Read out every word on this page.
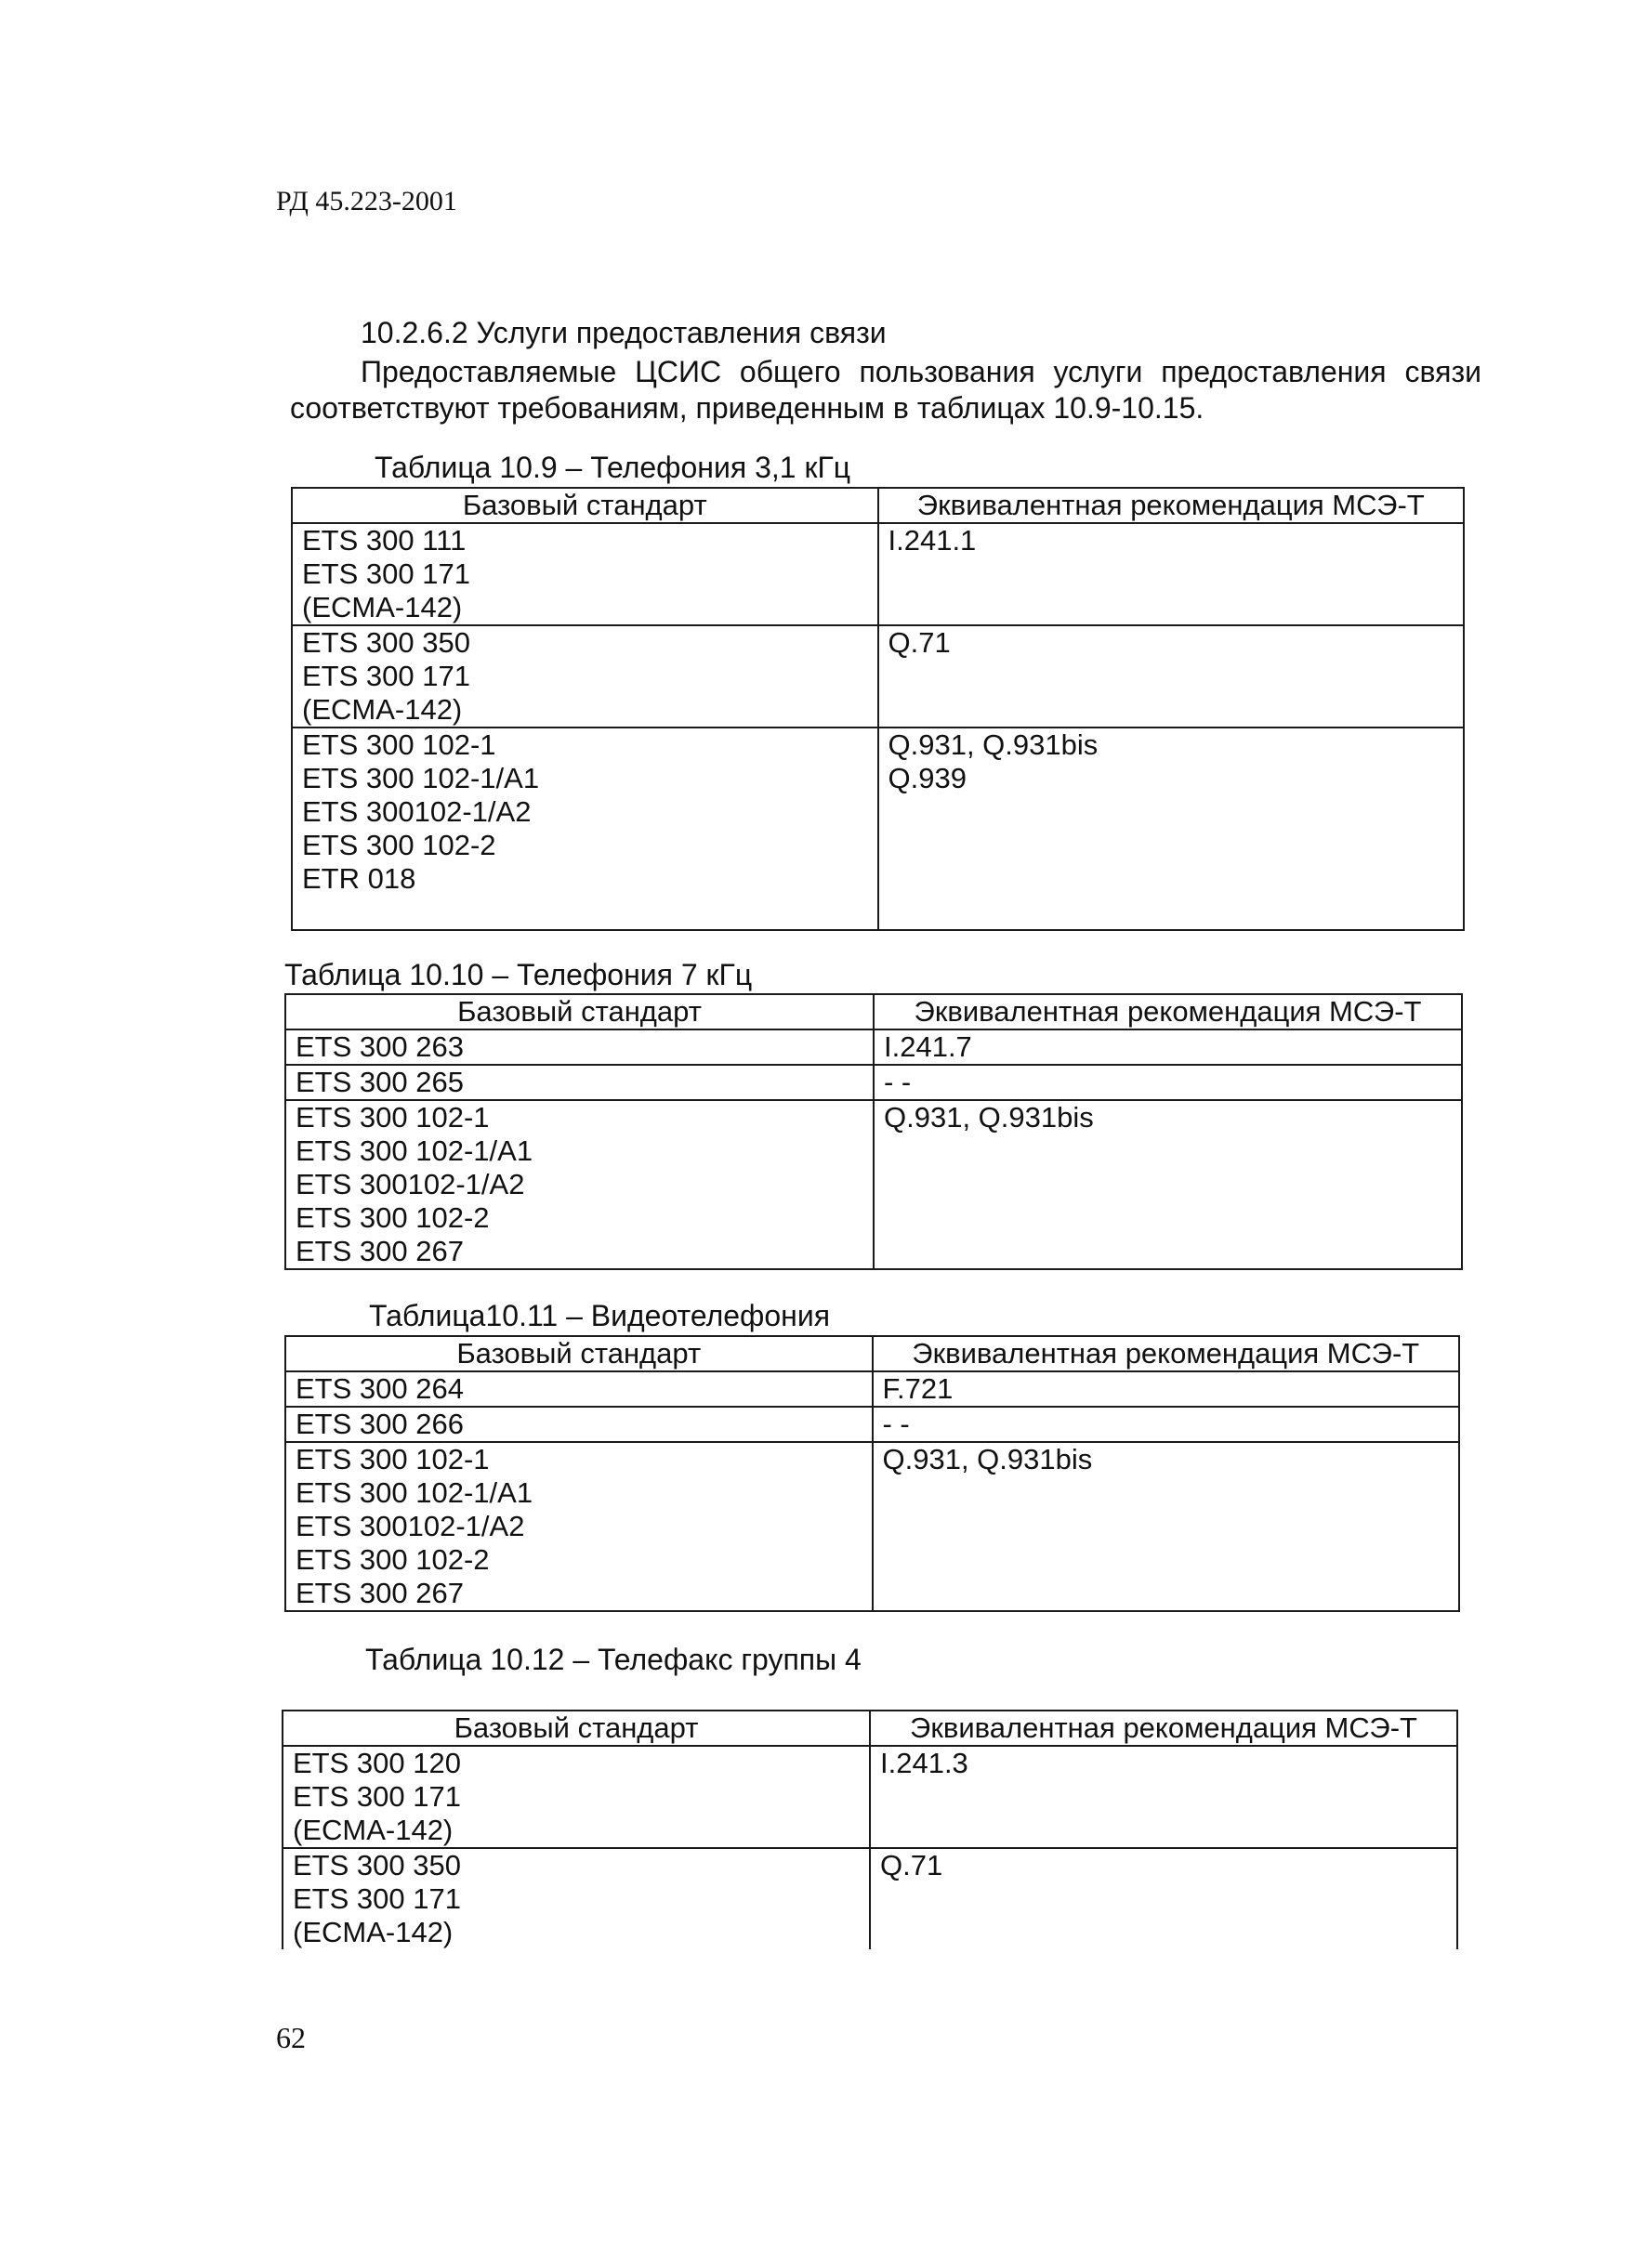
РД 45.223-2001
10.2.6.2 Услуги предоставления связи
Предоставляемые ЦСИС общего пользования услуги предоставления связи соответствуют требованиям, приведенным в таблицах 10.9-10.15.
Таблица 10.9 – Телефония 3,1 кГц
Базовый стандарт	Эквивалентная рекомендация МСЭ-Т

ETS 300 111
ETS 300 171
(ECMA-142)	I.241.1

ETS 300 350
ETS 300 171
(ECMA-142)	Q.71

ETS 300 102-1
ETS 300 102-1/A1
ETS 300102-1/A2
ETS 300 102-2
ETR 018	Q.931, Q.931bis
Q.939
Таблица 10.10 – Телефония 7 кГц
Базовый стандарт	Эквивалентная рекомендация МСЭ-Т

ETS 300 263	I.241.7

ETS 300 265	- -

ETS 300 102-1
ETS 300 102-1/A1
ETS 300102-1/A2
ETS 300 102-2
ETS 300 267	Q.931, Q.931bis
Таблица10.11 – Видеотелефония
Базовый стандарт	Эквивалентная рекомендация МСЭ-Т

ETS 300 264	F.721

ETS 300 266	- -

ETS 300 102-1
ETS 300 102-1/A1
ETS 300102-1/A2
ETS 300 102-2
ETS 300 267	Q.931, Q.931bis
Таблица 10.12 – Телефакс группы 4
Базовый стандарт	Эквивалентная рекомендация МСЭ-Т

ETS 300 120
ETS 300 171
(ECMA-142)	I.241.3

ETS 300 350
ETS 300 171
(ECMA-142)	Q.71
62
